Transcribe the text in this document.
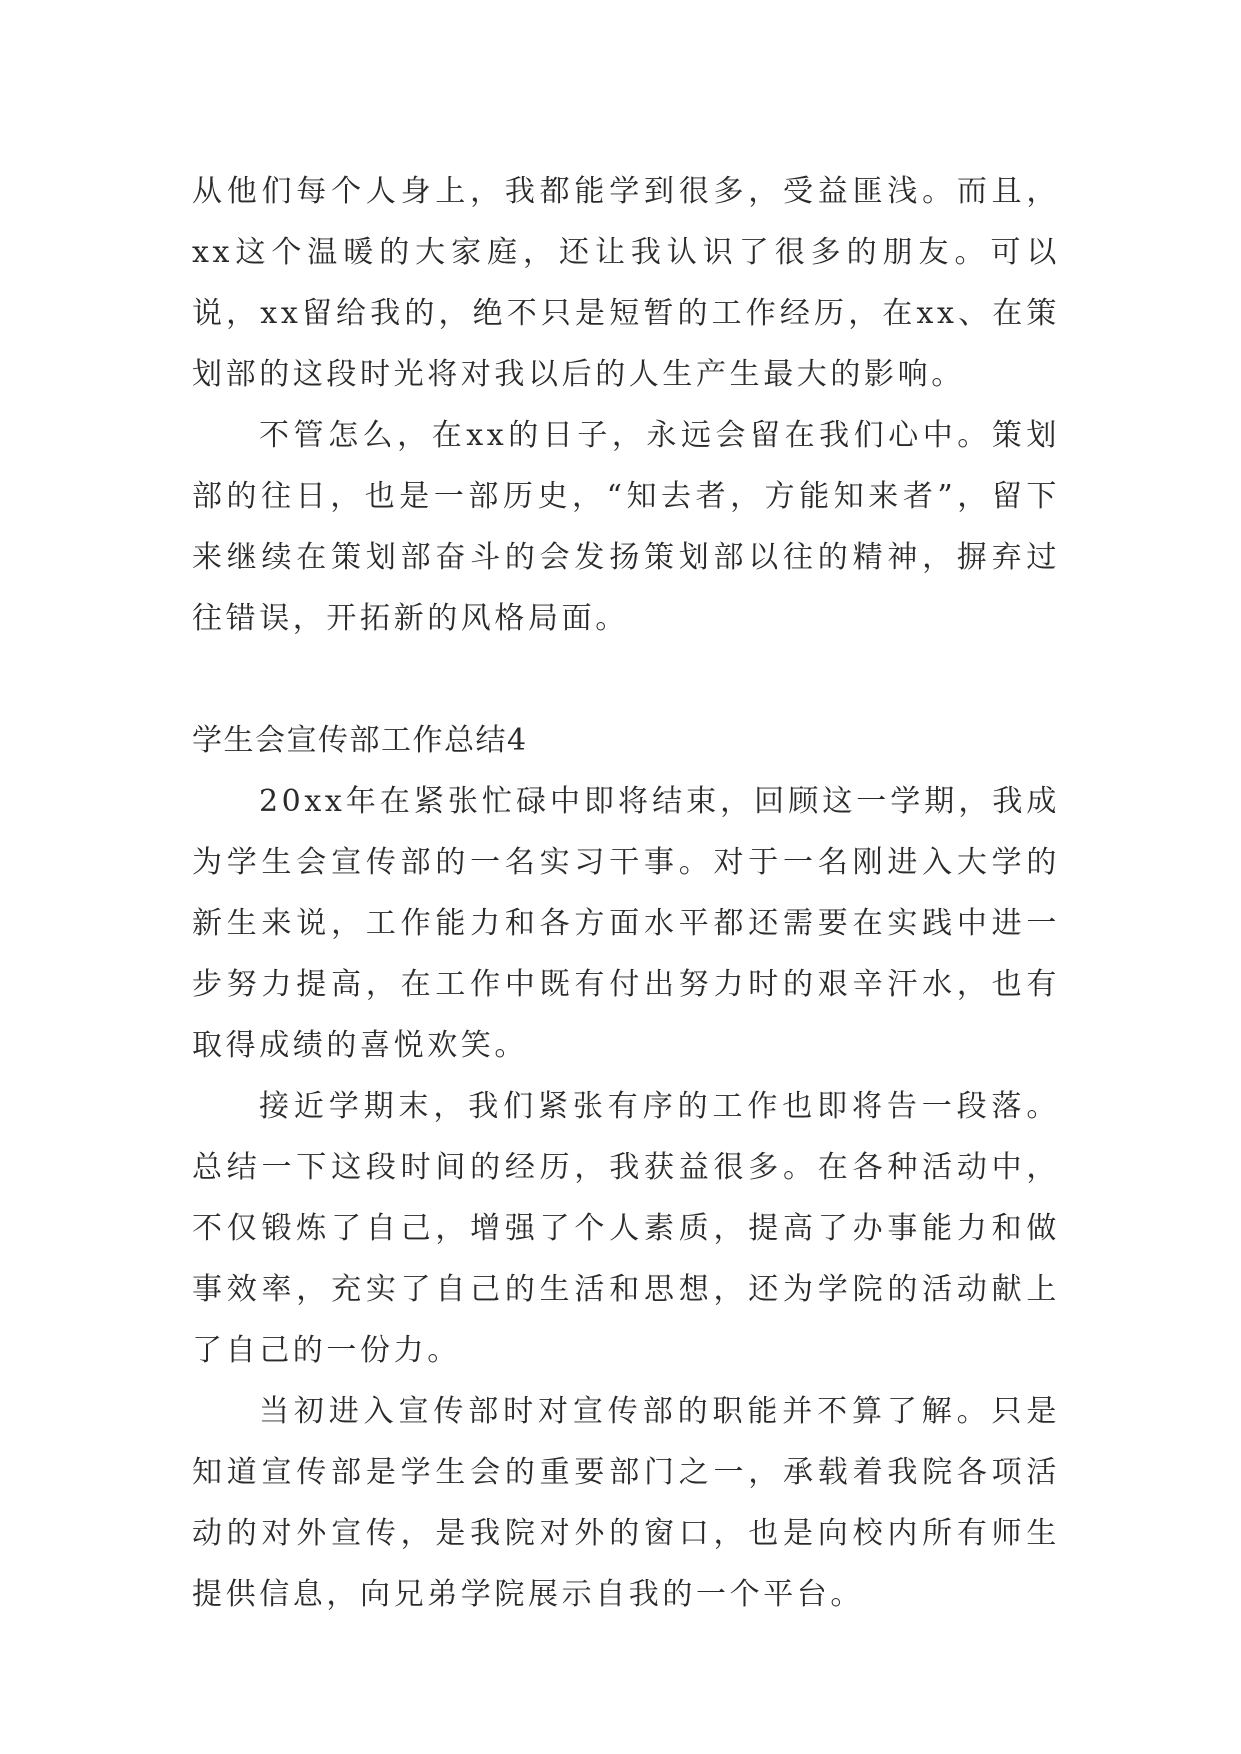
从他们每个人身上，我都能学到很多，受益匪浅。而且，xx这个温暖的大家庭，还让我认识了很多的朋友。可以说，xx留给我的，绝不只是短暂的工作经历，在xx、在策划部的这段时光将对我以后的人生产生最大的影响。

不管怎么，在xx的日子，永远会留在我们心中。策划部的往日，也是一部历史，“知去者，方能知来者”，留下来继续在策划部奋斗的会发扬策划部以往的精神，摒弃过往错误，开拓新的风格局面。

学生会宣传部工作总结4

20xx年在紧张忙碌中即将结束，回顾这一学期，我成为学生会宣传部的一名实习干事。对于一名刚进入大学的新生来说，工作能力和各方面水平都还需要在实践中进一步努力提高，在工作中既有付出努力时的艰辛汗水，也有取得成绩的喜悦欢笑。

接近学期末，我们紧张有序的工作也即将告一段落。总结一下这段时间的经历，我获益很多。在各种活动中，不仅锻炼了自己，增强了个人素质，提高了办事能力和做事效率，充实了自己的生活和思想，还为学院的活动献上了自己的一份力。

当初进入宣传部时对宣传部的职能并不算了解。只是知道宣传部是学生会的重要部门之一，承载着我院各项活动的对外宣传，是我院对外的窗口，也是向校内所有师生提供信息，向兄弟学院展示自我的一个平台。
